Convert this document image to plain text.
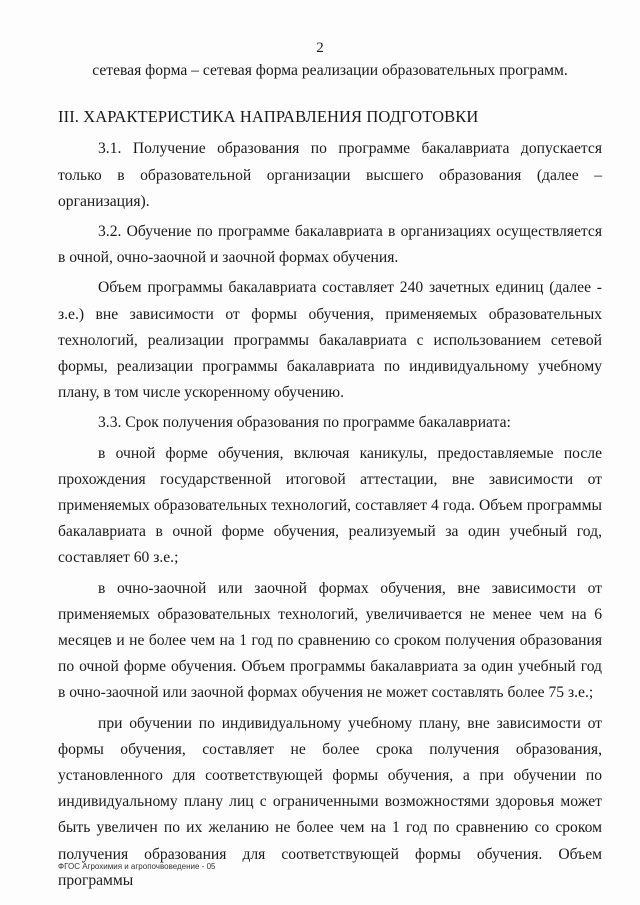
2

сетевая форма – сетевая форма реализации образовательных программ.

III. ХАРАКТЕРИСТИКА НАПРАВЛЕНИЯ ПОДГОТОВКИ

3.1. Получение образования по программе бакалавриата допускается только в образовательной организации высшего образования (далее – организация).

3.2. Обучение по программе бакалавриата в организациях осуществляется в очной, очно-заочной и заочной формах обучения.

Объем программы бакалавриата составляет 240 зачетных единиц (далее - з.е.) вне зависимости от формы обучения, применяемых образовательных технологий, реализации программы бакалавриата с использованием сетевой формы, реализации программы бакалавриата по индивидуальному учебному плану, в том числе ускоренному обучению.

3.3. Срок получения образования по программе бакалавриата:

в очной форме обучения, включая каникулы, предоставляемые после прохождения государственной итоговой аттестации, вне зависимости от применяемых образовательных технологий, составляет 4 года. Объем программы бакалавриата в очной форме обучения, реализуемый за один учебный год, составляет 60 з.е.;

в очно-заочной или заочной формах обучения, вне зависимости от применяемых образовательных технологий, увеличивается не менее чем на 6 месяцев и не более чем на 1 год по сравнению со сроком получения образования по очной форме обучения. Объем программы бакалавриата за один учебный год в очно-заочной или заочной формах обучения не может составлять более 75 з.е.;

при обучении по индивидуальному учебному плану, вне зависимости от формы обучения, составляет не более срока получения образования, установленного для соответствующей формы обучения, а при обучении по индивидуальному плану лиц с ограниченными возможностями здоровья может быть увеличен по их желанию не более чем на 1 год по сравнению со сроком получения образования для соответствующей формы обучения. Объем программы

ФГОС Агрохимия и агропочвоведение - 05
